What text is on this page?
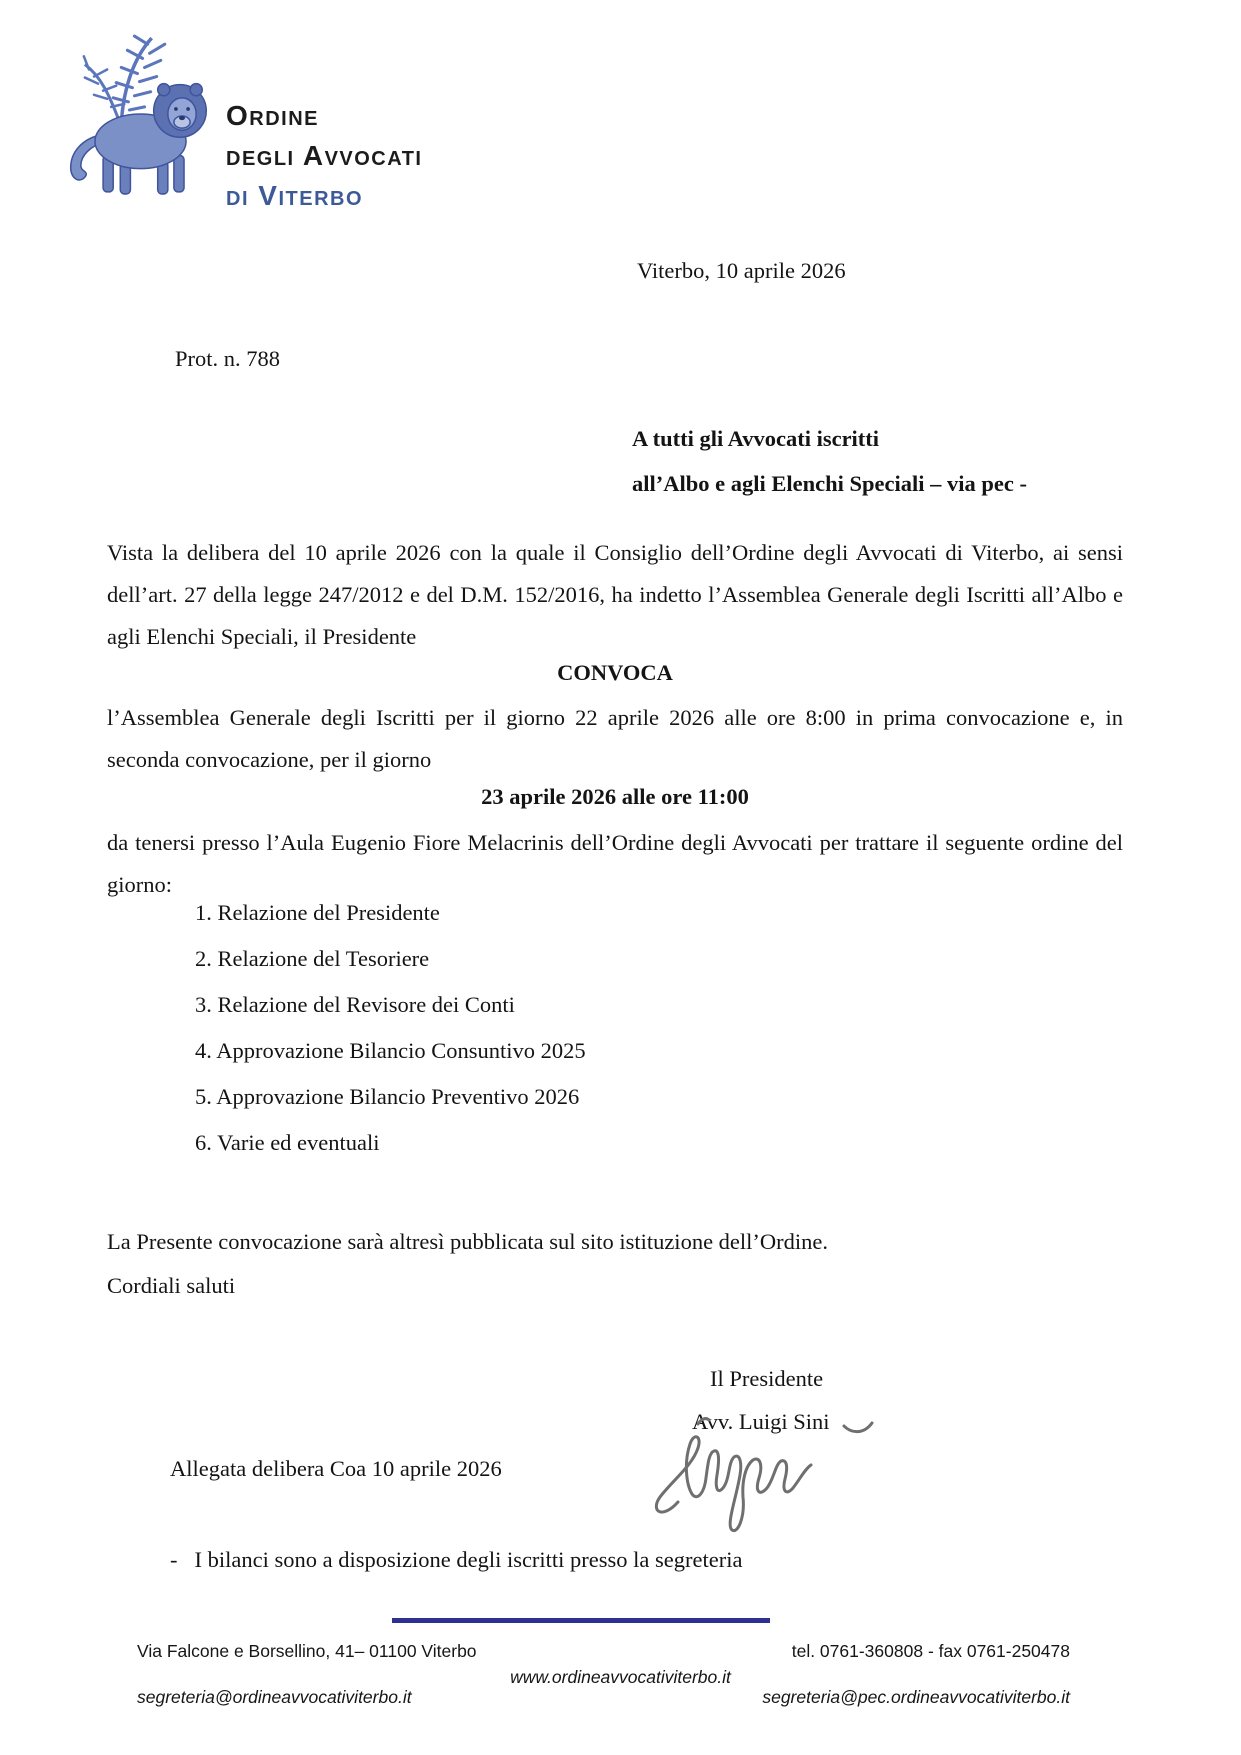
Ordine
degli Avvocati
di Viterbo
Viterbo, 10 aprile 2026
Prot. n. 788
A tutti gli Avvocati iscritti
all’Albo e agli Elenchi Speciali – via pec -

Vista la delibera del 10 aprile 2026 con la quale il Consiglio dell’Ordine degli Avvocati di Viterbo, ai sensi dell’art. 27 della legge 247/2012 e del D.M. 152/2016, ha indetto l’Assemblea Generale degli Iscritti all’Albo e agli Elenchi Speciali, il Presidente

CONVOCA

l’Assemblea Generale degli Iscritti per il giorno 22 aprile 2026 alle ore 8:00 in prima convocazione e, in seconda convocazione, per il giorno

23 aprile 2026 alle ore 11:00

da tenersi presso l’Aula Eugenio Fiore Melacrinis dell’Ordine degli Avvocati per trattare il seguente ordine del giorno:

1. Relazione del Presidente
2. Relazione del Tesoriere
3. Relazione del Revisore dei Conti
4. Approvazione Bilancio Consuntivo 2025
5. Approvazione Bilancio Preventivo 2026
6. Varie ed eventuali

La Presente convocazione sarà altresì pubblicata sul sito istituzione dell’Ordine.

Cordiali saluti

Il Presidente
Avv. Luigi Sini
Allegata delibera Coa 10 aprile 2026
- I bilanci sono a disposizione degli iscritti presso la segreteria
Via Falcone e Borsellino, 41– 01100 Viterbo	tel. 0761-360808 - fax 0761-250478
www.ordineavvocativiterbo.it
segreteria@ordineavvocativiterbo.it	segreteria@pec.ordineavvocativiterbo.it
